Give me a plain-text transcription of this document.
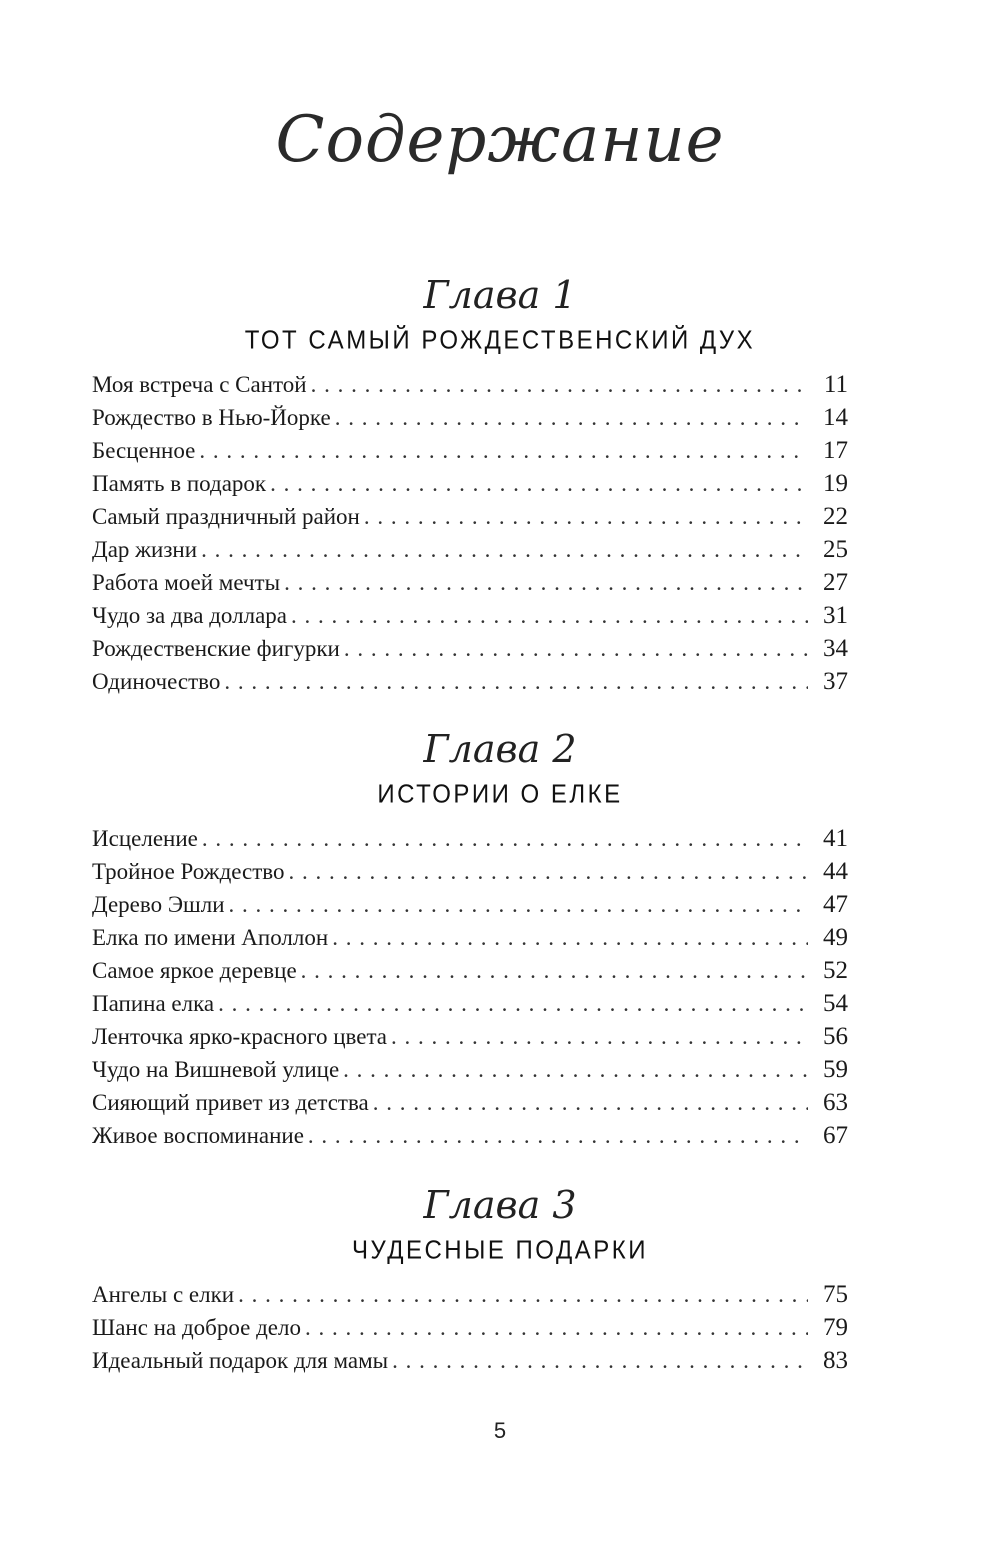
Содержание
Глава 1
ТОТ САМЫЙ РОЖДЕСТВЕНСКИЙ ДУХ
Моя встреча с Сантой . . .	11
Рождество в Нью-Йорке . . .	14
Бесценное . . .	17
Память в подарок . . .	19
Самый праздничный район . . .	22
Дар жизни . . .	25
Работа моей мечты . . .	27
Чудо за два доллара . . .	31
Рождественские фигурки . . .	34
Одиночество . . .	37
Глава 2
ИСТОРИИ О ЕЛКЕ
Исцеление . . .	41
Тройное Рождество . . .	44
Дерево Эшли . . .	47
Елка по имени Аполлон . . .	49
Самое яркое деревце . . .	52
Папина елка . . .	54
Ленточка ярко-красного цвета . . .	56
Чудо на Вишневой улице . . .	59
Сияющий привет из детства . . .	63
Живое воспоминание . . .	67
Глава 3
ЧУДЕСНЫЕ ПОДАРКИ
Ангелы с елки . . .	75
Шанс на доброе дело . . .	79
Идеальный подарок для мамы . . .	83
5
